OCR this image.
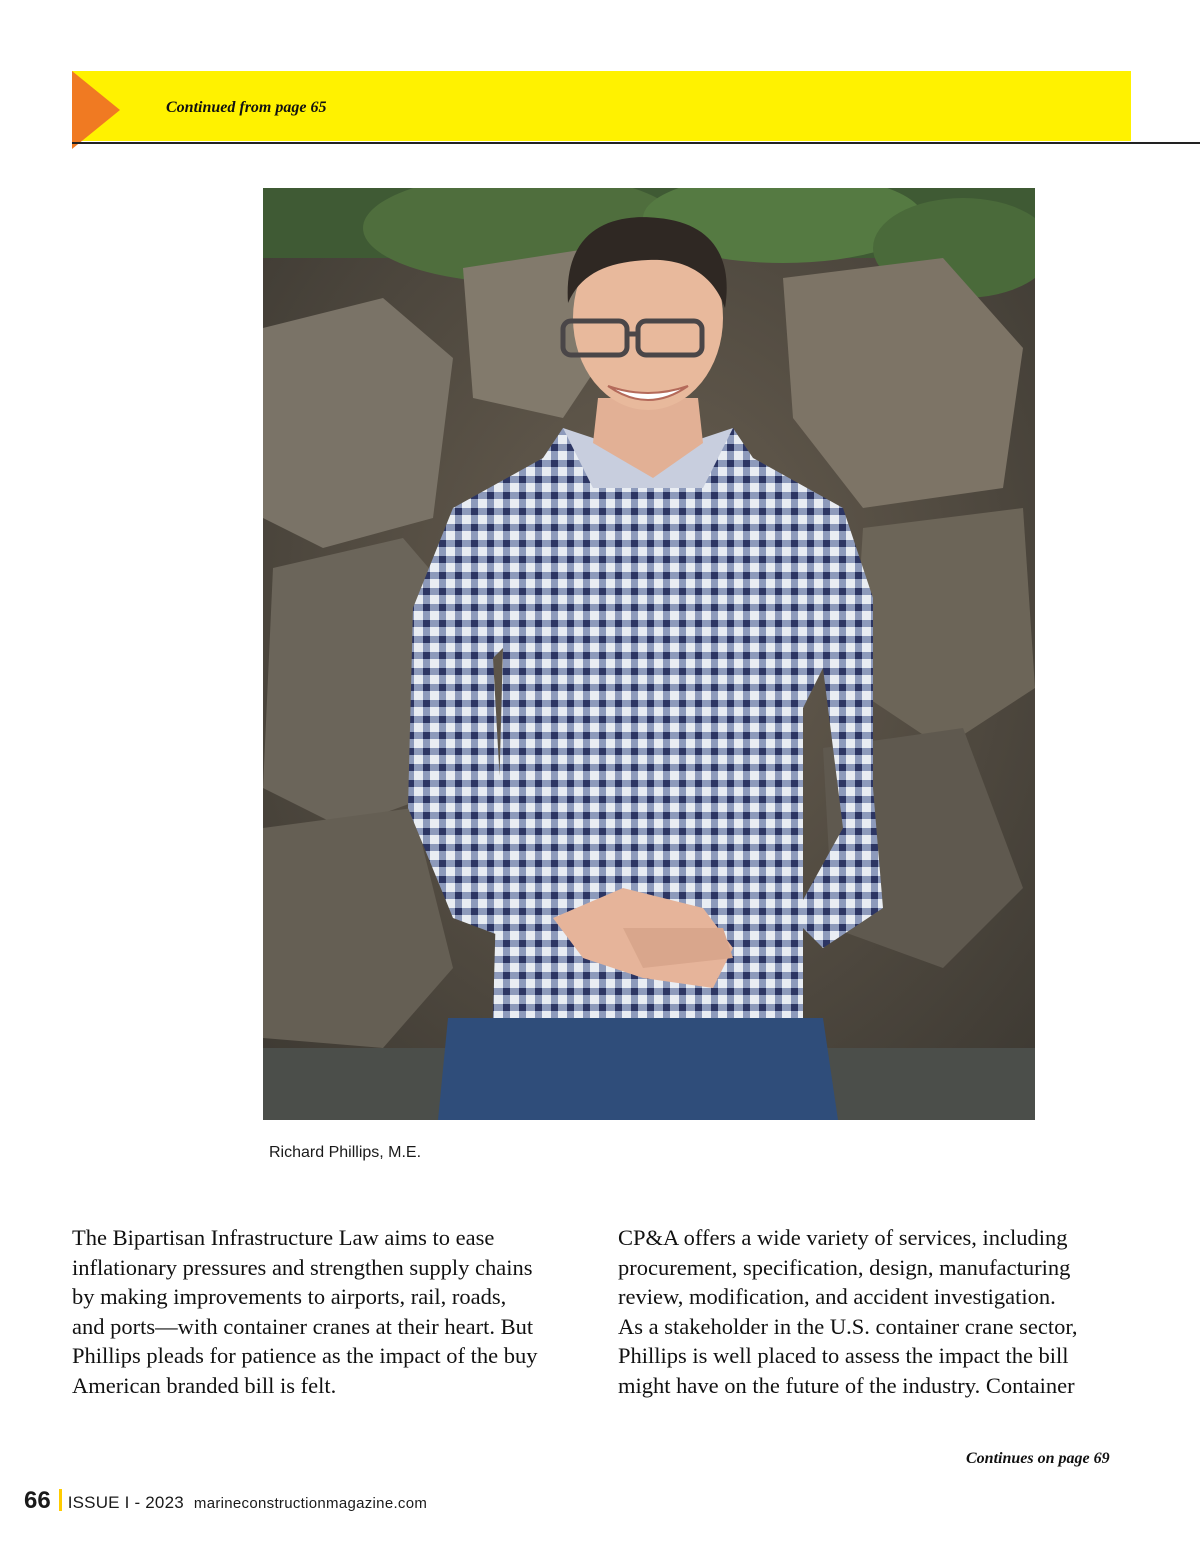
Continued from page 65
Richard Phillips, M.E.
The Bipartisan Infrastructure Law aims to ease
inflationary pressures and strengthen supply chains
by making improvements to airports, rail, roads,
and ports—with container cranes at their heart. But
Phillips pleads for patience as the impact of the buy
American branded bill is felt.
CP&A offers a wide variety of services, including
procurement, specification, design, manufacturing
review, modification, and accident investigation.
As a stakeholder in the U.S. container crane sector,
Phillips is well placed to assess the impact the bill
might have on the future of the industry. Container
Continues on page 69
66 ISSUE I - 2023 marineconstructionmagazine.com
